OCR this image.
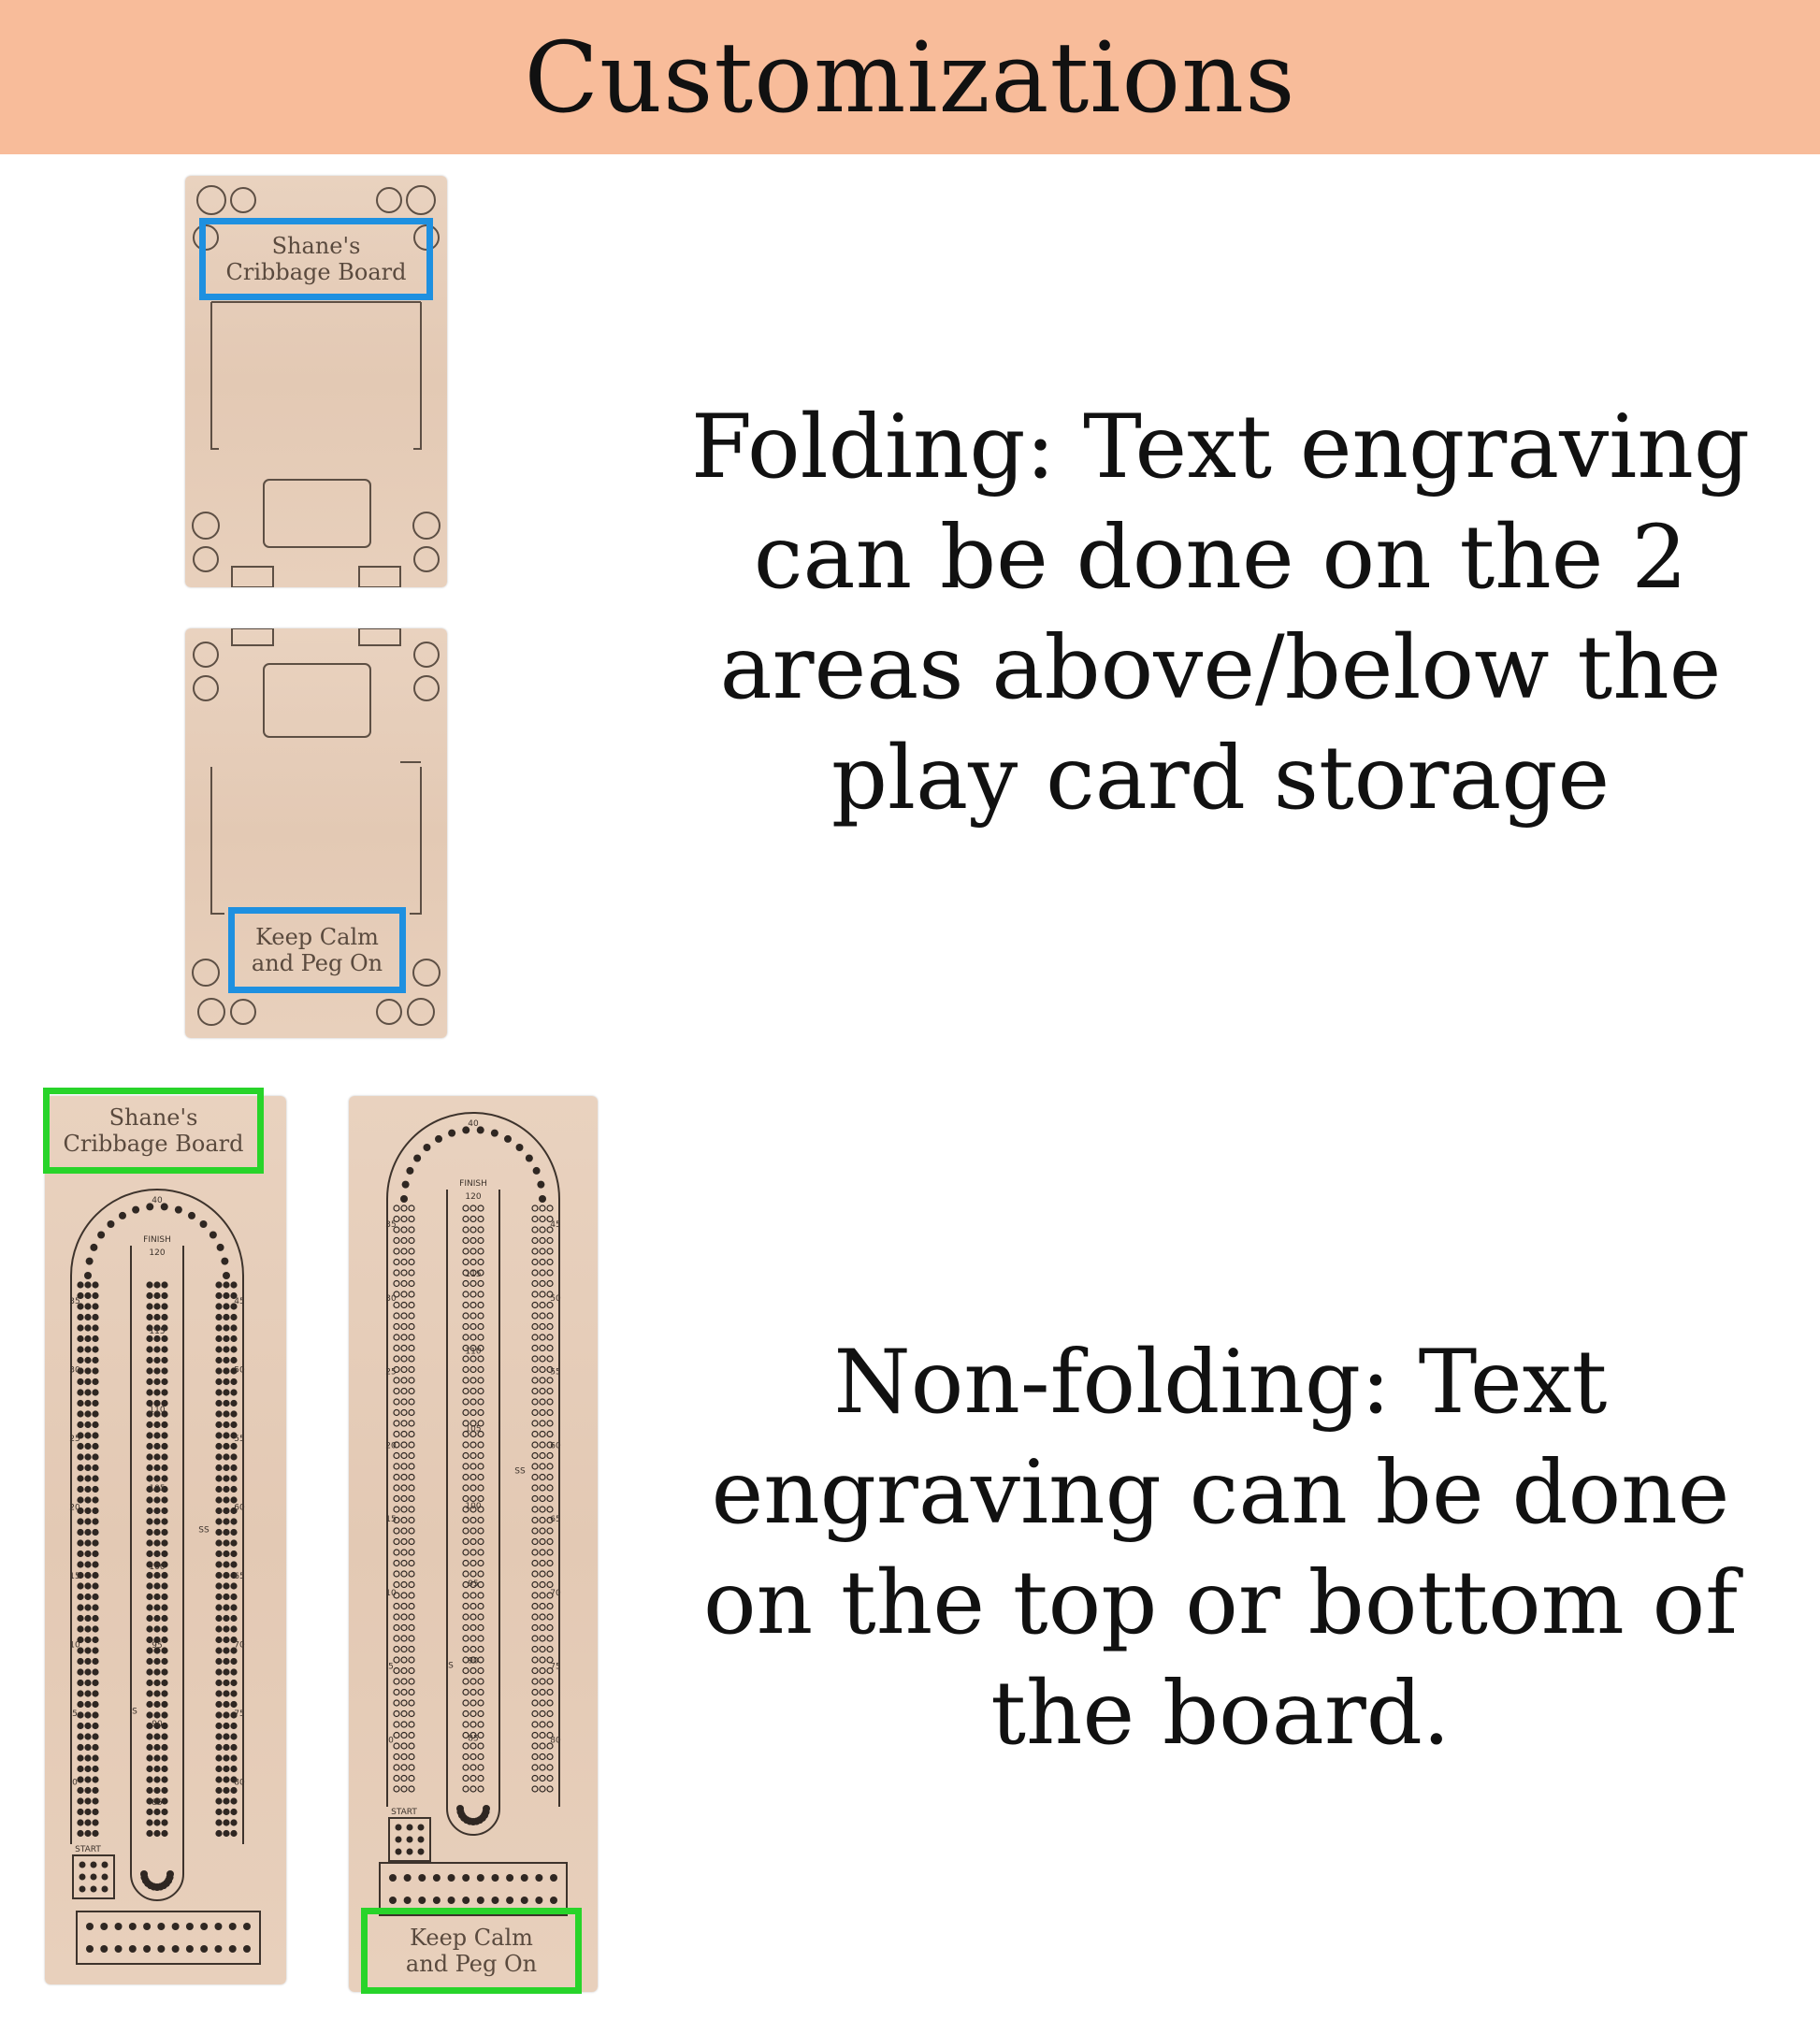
Customizations
Shane's
Cribbage Board
Keep Calm
and Peg On
Folding: Text engraving can be done on the 2 areas above/below the play card storage
40
FINISH
35
30
25
20
15
10
5
0
120
115
110
105
100
95
90
85
45
50
55
60
65
70
75
80
START
SS
S
Shane's
Cribbage Board
40
FINISH
35
30
25
20
15
10
5
0
120
115
110
105
100
95
90
85
45
50
55
60
65
70
75
80
START
SS
S
Keep Calm
and Peg On
Non-folding: Text engraving can be done on the top or bottom of the board.
